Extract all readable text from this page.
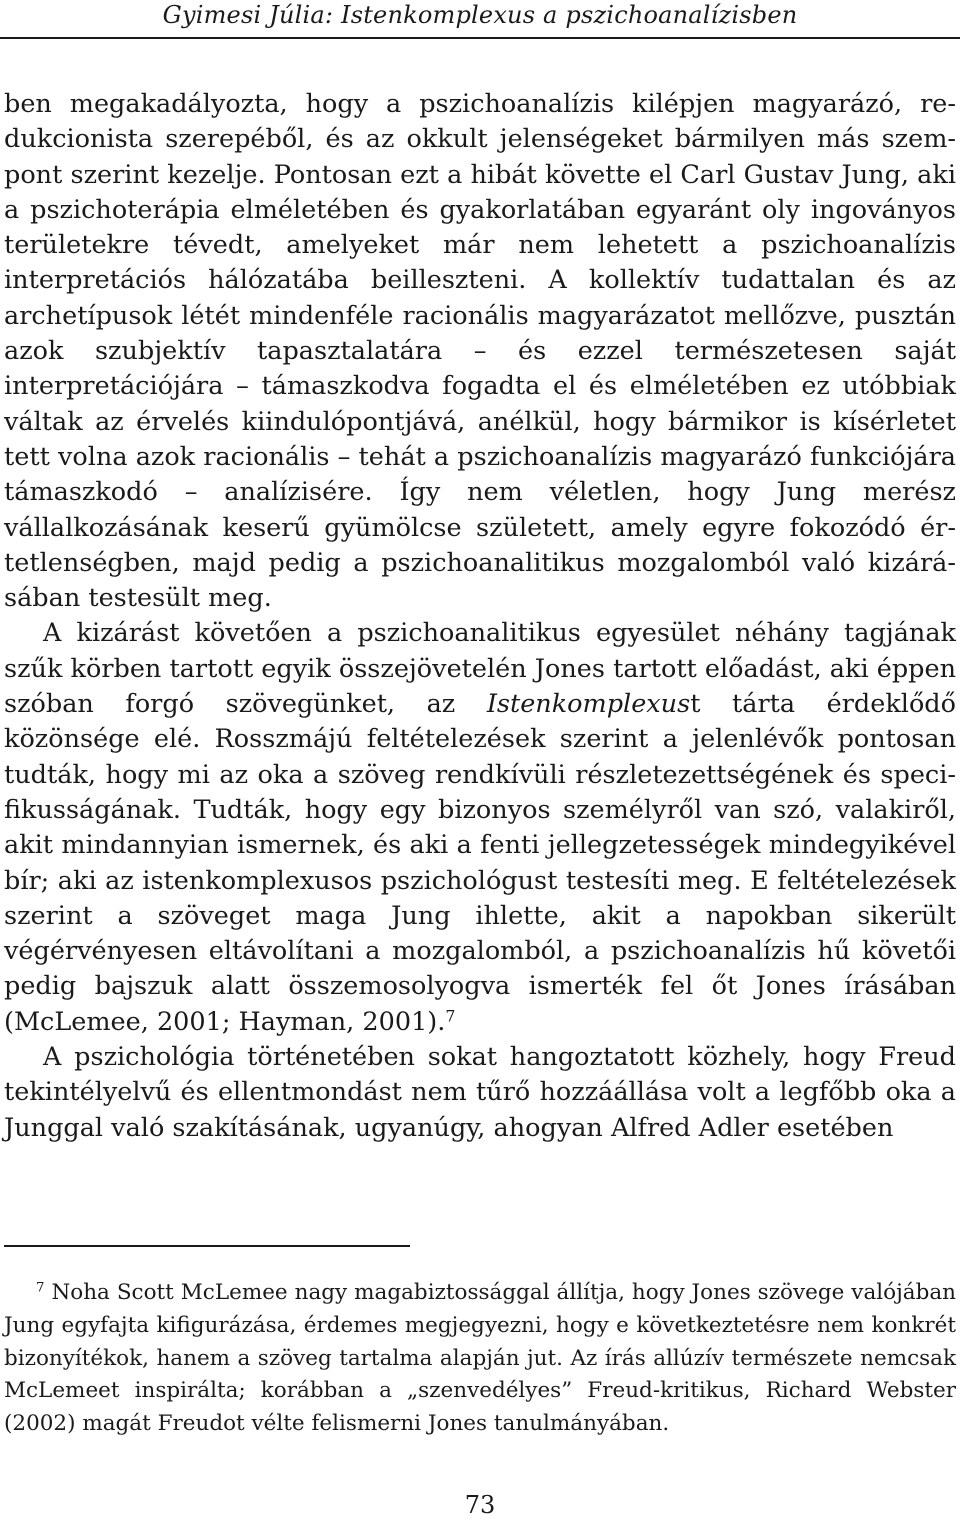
Gyimesi Júlia: Istenkomplexus a pszichoanalízisben

ben megakadályozta, hogy a pszichoanalízis kilépjen magyarázó, redukcionista szerepéből, és az okkult jelenségeket bármilyen más szempont szerint kezelje. Pontosan ezt a hibát követte el Carl Gustav Jung, aki a pszichoterápia elméletében és gyakorlatában egyaránt oly ingoványos területekre tévedt, amelyeket már nem lehetett a pszichoanalízis interpretációs hálózatába beilleszteni. A kollektív tudattalan és az archetípusok létét mindenféle racionális magyarázatot mellőzve, pusztán azok szubjektív tapasztalatára – és ezzel természetesen saját interpretációjára – támaszkodva fogadta el és elméletében ez utóbbiak váltak az érvelés kiindulópontjává, anélkül, hogy bármikor is kísérletet tett volna azok racionális – tehát a pszichoanalízis magyarázó funkciójára támaszkodó – analízisére. Így nem véletlen, hogy Jung merész vállalkozásának keserű gyümölcse született, amely egyre fokozódó értetlenségben, majd pedig a pszichoanalitikus mozgalomból való kizárásában testesült meg.

A kizárást követően a pszichoanalitikus egyesület néhány tagjának szűk körben tartott egyik összejövetelén Jones tartott előadást, aki éppen szóban forgó szövegünket, az Istenkomplexust tárta érdeklődő közönsége elé. Rosszmájú feltételezések szerint a jelenlévők pontosan tudták, hogy mi az oka a szöveg rendkívüli részletezettségének és specifikusságának. Tudták, hogy egy bizonyos személyről van szó, valakiről, akit mindannyian ismernek, és aki a fenti jellegzetességek mindegyikével bír; aki az istenkomplexusos pszichológust testesíti meg. E feltételezések szerint a szöveget maga Jung ihlette, akit a napokban sikerült végérvényesen eltávolítani a mozgalomból, a pszichoanalízis hű követői pedig bajszuk alatt összemosolyogva ismerték fel őt Jones írásában (McLemee, 2001; Hayman, 2001).$^7$

A pszichológia történetében sokat hangoztatott közhely, hogy Freud tekintélyelvű és ellentmondást nem tűrő hozzáállása volt a legfőbb oka a Junggal való szakításának, ugyanúgy, ahogyan Alfred Adler esetében

$^7$ Noha Scott McLemee nagy magabiztossággal állítja, hogy Jones szövege valójában Jung egyfajta kifigurázása, érdemes megjegyezni, hogy e következtetésre nem konkrét bizonyítékok, hanem a szöveg tartalma alapján jut. Az írás allúzív természete nemcsak McLemeet inspirálta; korábban a „szenvedélyes” Freud-kritikus, Richard Webster (2002) magát Freudot vélte felismerni Jones tanulmányában.

73
